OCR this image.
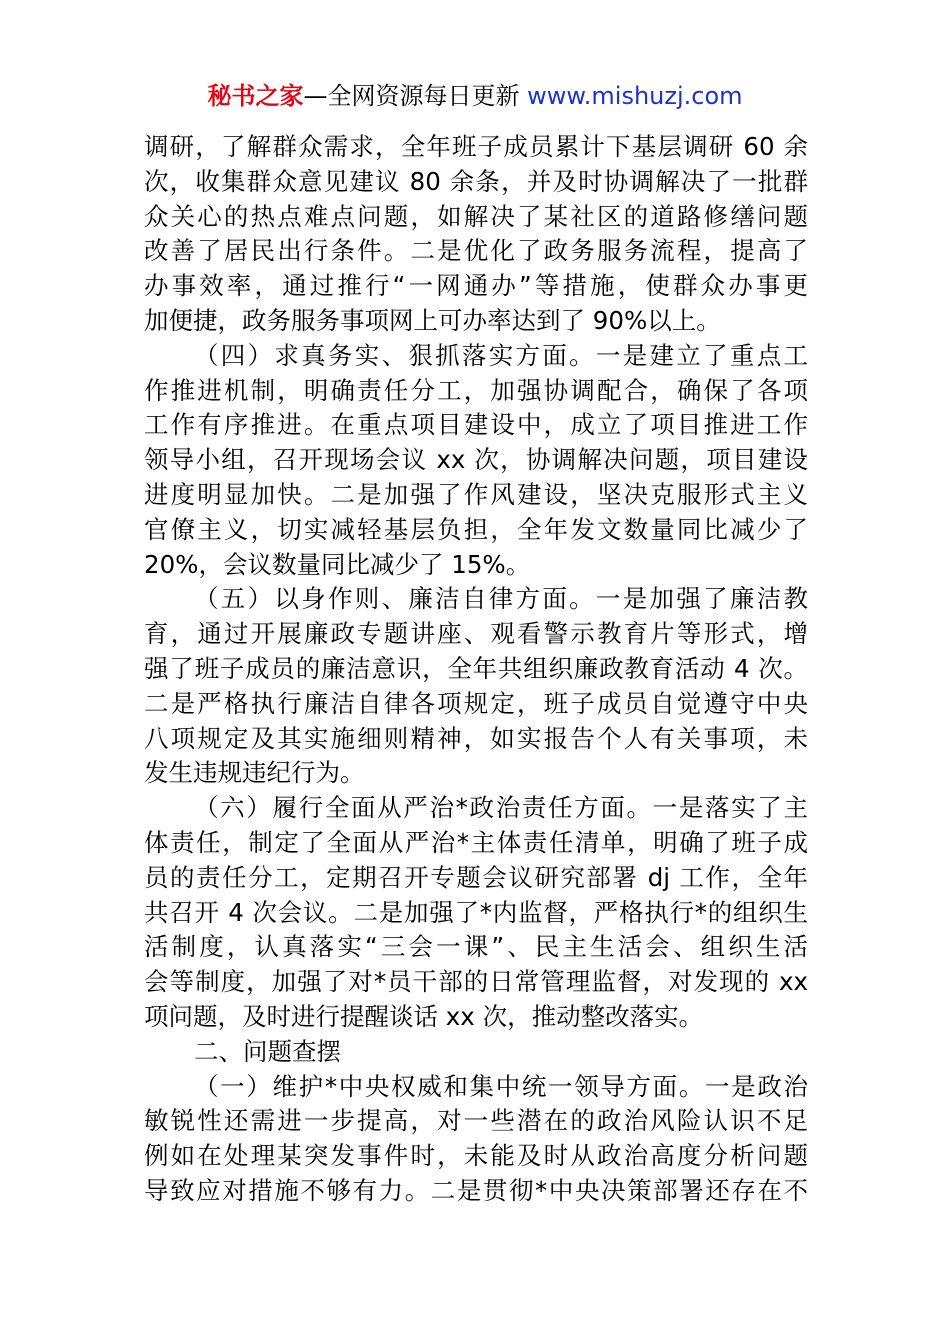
秘书之家—全网资源每日更新 www.mishuzj.com
调研，了解群众需求，全年班子成员累计下基层调研 60 余
次，收集群众意见建议 80 余条，并及时协调解决了一批群
众关心的热点难点问题，如解决了某社区的道路修缮问题
改善了居民出行条件。二是优化了政务服务流程，提高了
办事效率，通过推行“一网通办”等措施，使群众办事更
加便捷，政务服务事项网上可办率达到了 90%以上。
（四）求真务实、狠抓落实方面。一是建立了重点工
作推进机制，明确责任分工，加强协调配合，确保了各项
工作有序推进。在重点项目建设中，成立了项目推进工作
领导小组，召开现场会议 xx 次，协调解决问题，项目建设
进度明显加快。二是加强了作风建设，坚决克服形式主义
官僚主义，切实减轻基层负担，全年发文数量同比减少了
20%，会议数量同比减少了 15%。
（五）以身作则、廉洁自律方面。一是加强了廉洁教
育，通过开展廉政专题讲座、观看警示教育片等形式，增
强了班子成员的廉洁意识，全年共组织廉政教育活动 4 次。
二是严格执行廉洁自律各项规定，班子成员自觉遵守中央
八项规定及其实施细则精神，如实报告个人有关事项，未
发生违规违纪行为。
（六）履行全面从严治*政治责任方面。一是落实了主
体责任，制定了全面从严治*主体责任清单，明确了班子成
员的责任分工，定期召开专题会议研究部署 dj 工作，全年
共召开 4 次会议。二是加强了*内监督，严格执行*的组织生
活制度，认真落实“三会一课”、民主生活会、组织生活
会等制度，加强了对*员干部的日常管理监督，对发现的 xx
项问题，及时进行提醒谈话 xx 次，推动整改落实。
二、问题查摆
（一）维护*中央权威和集中统一领导方面。一是政治
敏锐性还需进一步提高，对一些潜在的政治风险认识不足
例如在处理某突发事件时，未能及时从政治高度分析问题
导致应对措施不够有力。二是贯彻*中央决策部署还存在不
